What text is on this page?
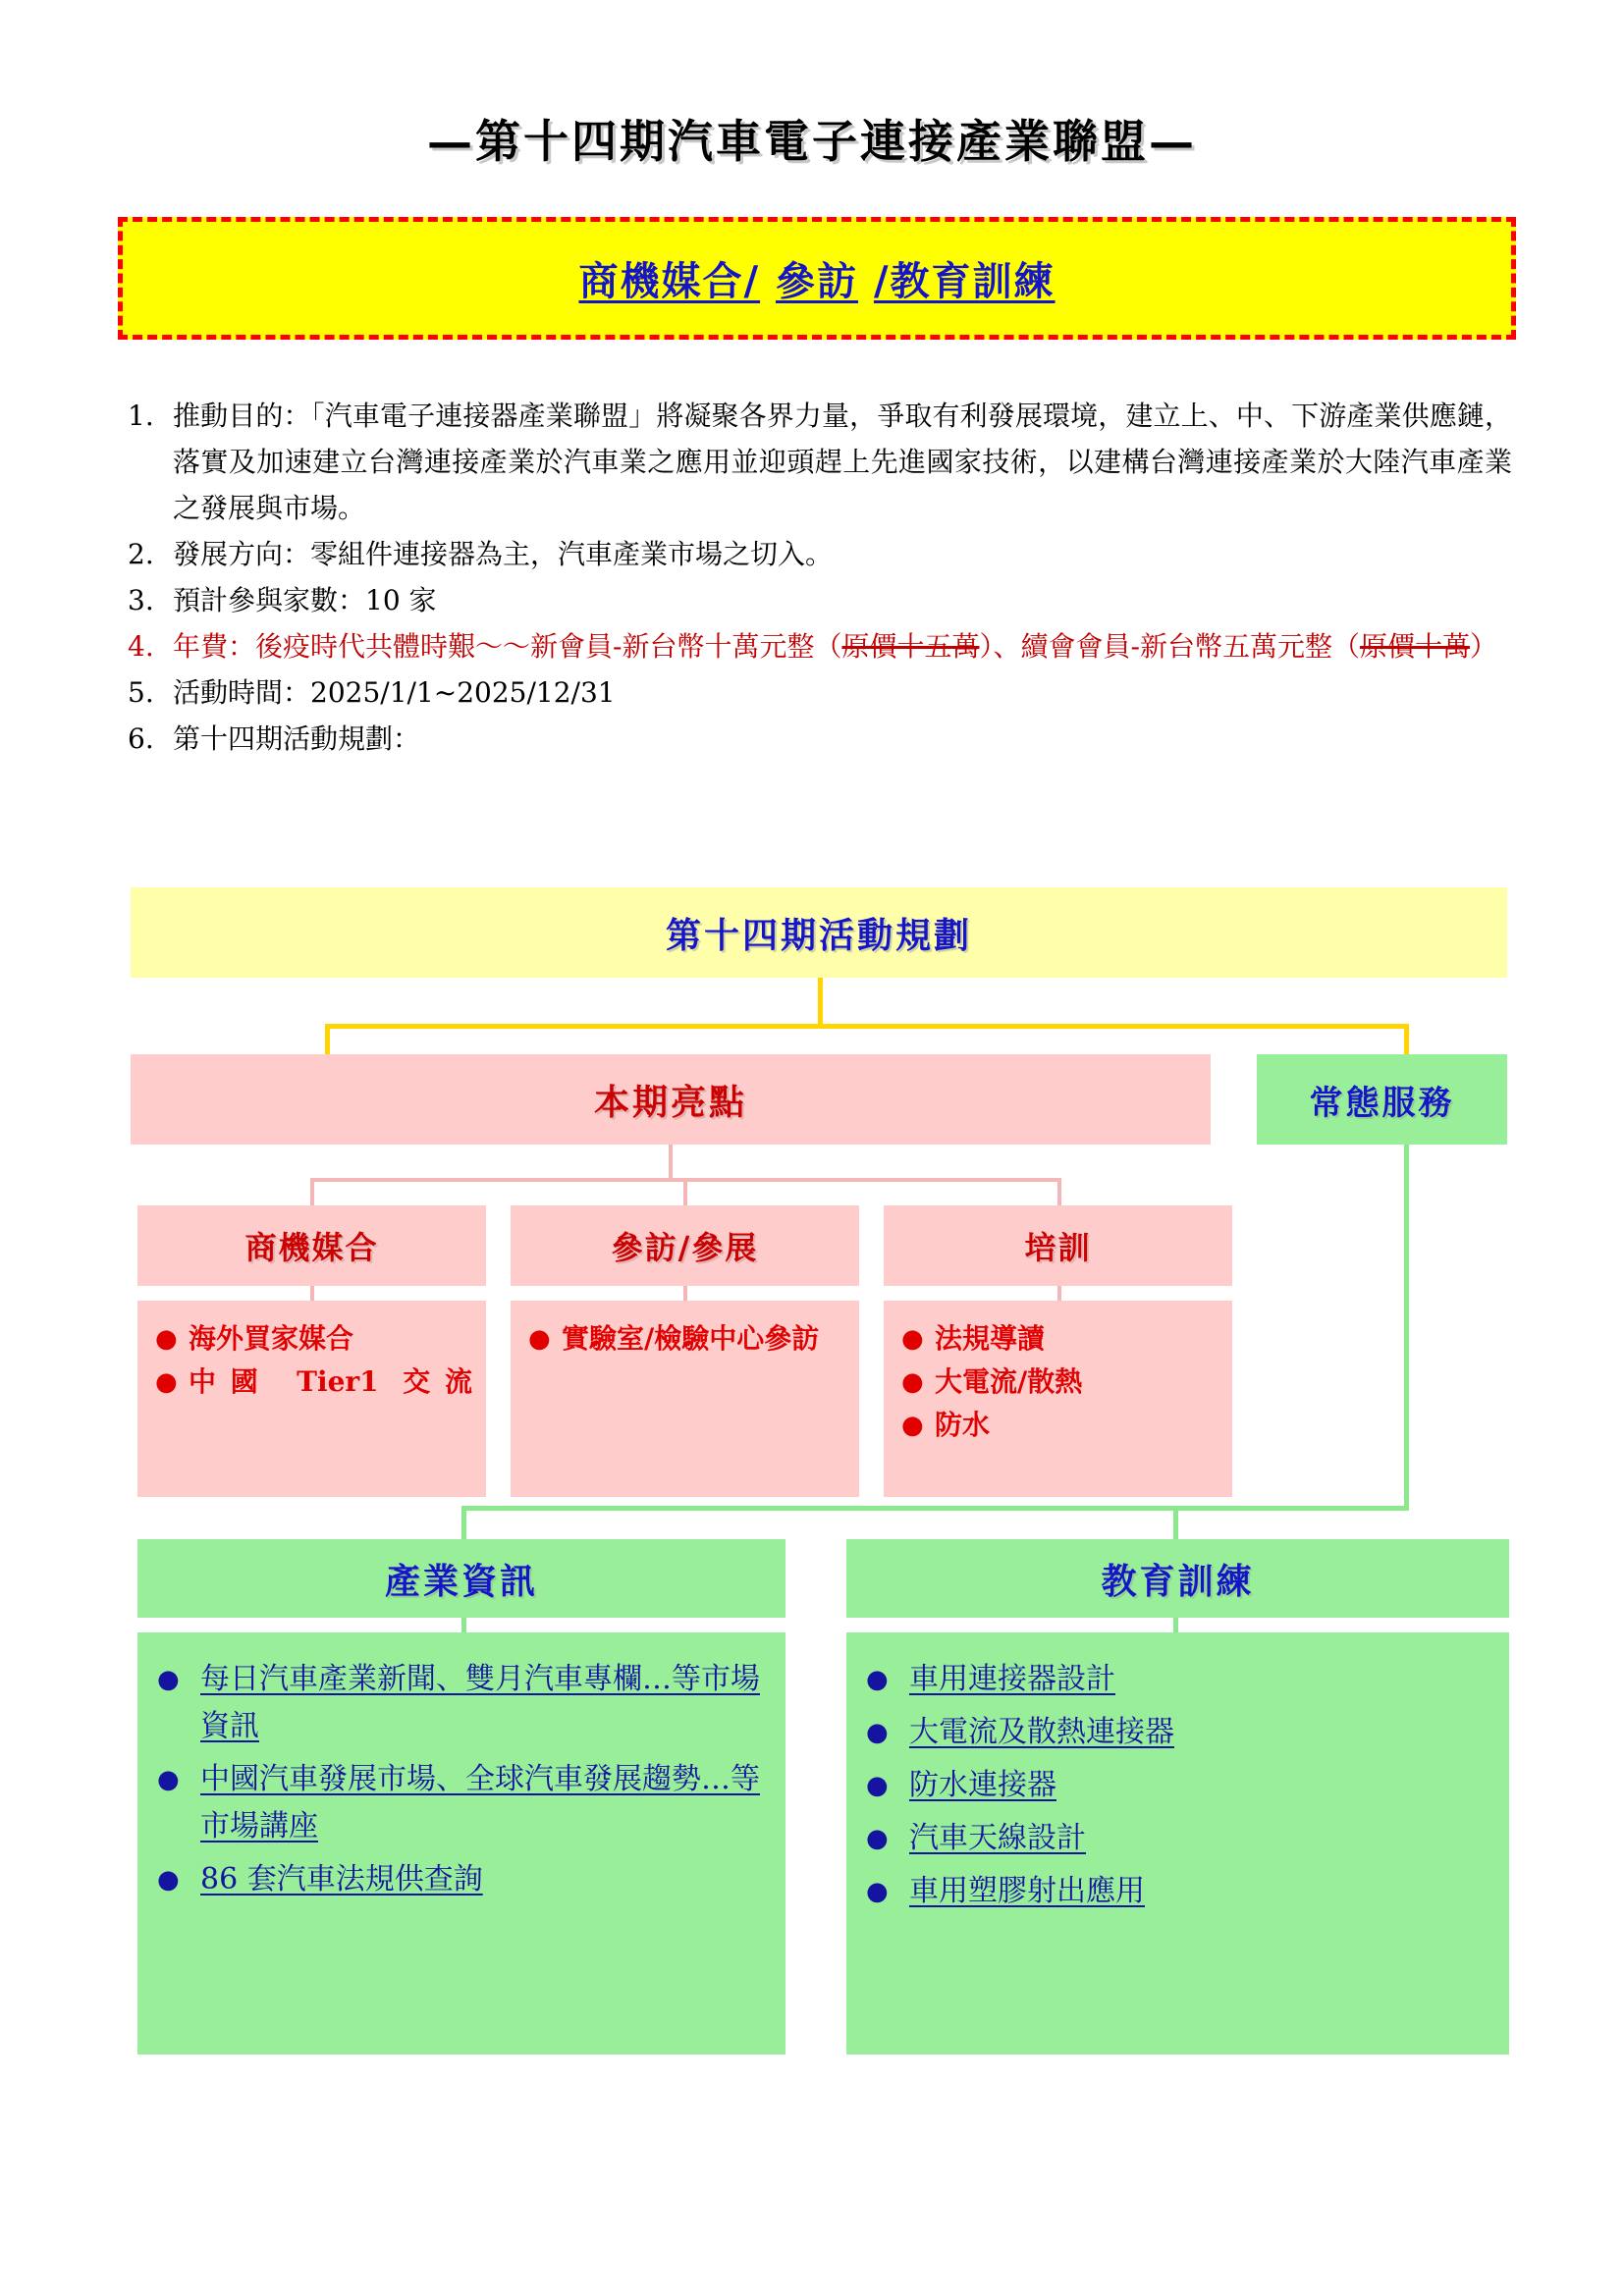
—第十四期汽車電子連接產業聯盟—
商機媒合/ 參訪 /教育訓練
1. 推動目的：「汽車電子連接器產業聯盟」將凝聚各界力量，爭取有利發展環境，建立上、中、下游產業供應鏈，落實及加速建立台灣連接產業於汽車業之應用並迎頭趕上先進國家技術，以建構台灣連接產業於大陸汽車產業之發展與市場。
2. 發展方向：零組件連接器為主，汽車產業市場之切入。
3. 預計參與家數：10 家
4. 年費：後疫時代共體時艱～～新會員-新台幣十萬元整（原價十五萬）、續會會員-新台幣五萬元整（原價十萬）
5. 活動時間：2025/1/1~2025/12/31
6. 第十四期活動規劃：
第十四期活動規劃
本期亮點	常態服務
商機媒合	參訪/參展	培訓
● 海外買家媒合
● 中國 Tier1 交流
● 實驗室/檢驗中心參訪	● 法規導讀
● 大電流/散熱
● 防水
產業資訊	教育訓練
● 每日汽車產業新聞、雙月汽車專欄…等市場資訊
● 中國汽車發展市場、全球汽車發展趨勢…等市場講座
● 86 套汽車法規供查詢
● 車用連接器設計
● 大電流及散熱連接器
● 防水連接器
● 汽車天線設計
● 車用塑膠射出應用
